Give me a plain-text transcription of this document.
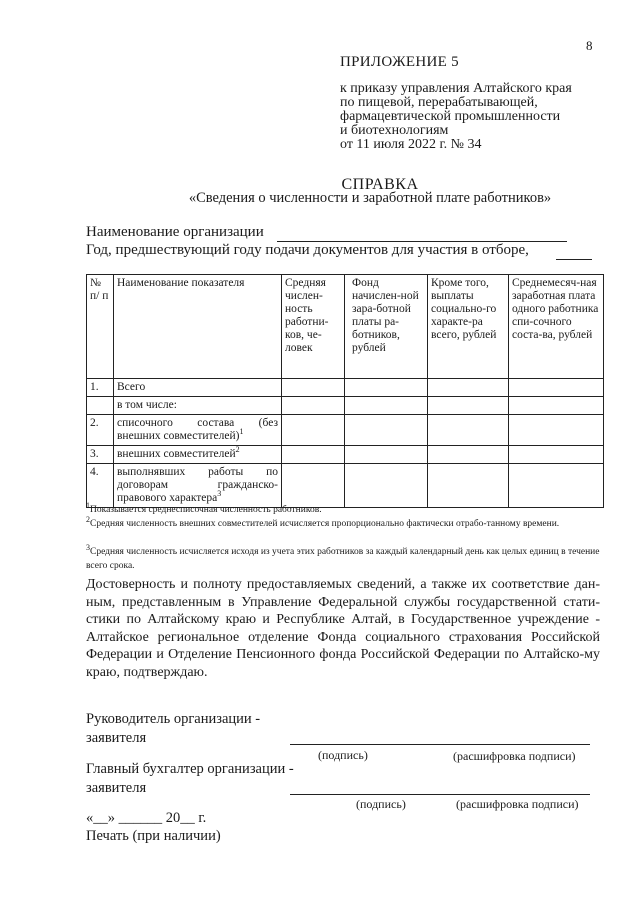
8
ПРИЛОЖЕНИЕ 5
к приказу управления Алтайского края
по пищевой, перерабатывающей,
фармацевтической промышленности
и биотехнологиям
от 11 июля 2022 г. № 34
СПРАВКА
«Сведения о численности и заработной плате работников»
Наименование организации
Год, предшествующий году подачи документов для участия в отборе,
№ п/ п	Наименование показателя	Средняя числен-ность работни-ков, че-ловек	Фонд начислен-ной зара-ботной платы ра-ботников, рублей	Кроме того, выплаты социально-го характе-ра всего, рублей	Среднемесяч-ная заработная плата одного работника спи-сочного соста-ва, рублей
1.	Всего				
	в том числе:				
2.	списочного состава (без внешних совместителей)$^1$				
3.	внешних совместителей$^2$				
4.	выполнявших работы по договорам гражданско-правового характера$^3$				
$^1$Показывается среднесписочная численность работников.
$^2$Средняя численность внешних совместителей исчисляется пропорционально фактически отрабо-танному времени.
$^3$Средняя численность исчисляется исходя из учета этих работников за каждый календарный день как целых единиц в течение всего срока.
Достоверность и полноту предоставляемых сведений, а также их соответствие дан-ным, представленным в Управление Федеральной службы государственной стати-стики по Алтайскому краю и Республике Алтай, в Государственное учреждение - Алтайское региональное отделение Фонда социального страхования Российской Федерации и Отделение Пенсионного фонда Российской Федерации по Алтайско-му краю, подтверждаю.
Руководитель организации -
заявителя
(подпись)	(расшифровка подписи)
Главный бухгалтер организации -
заявителя
(подпись)	(расшифровка подписи)
«__» ______ 20__ г.
Печать (при наличии)
